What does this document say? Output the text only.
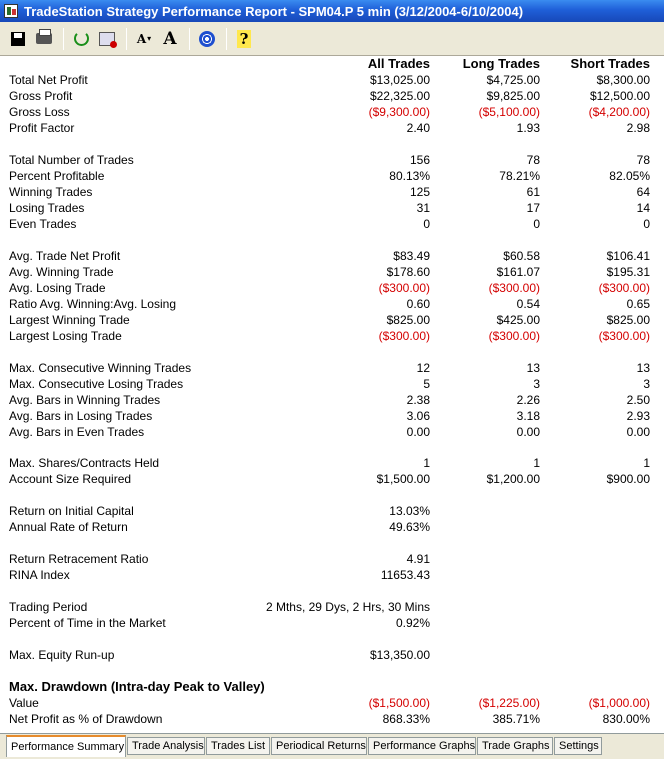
TradeStation Strategy Performance Report - SPM04.P 5 min (3/12/2004-6/10/2004)
A ▾ A	?
All Trades	Long Trades	Short Trades
Total Net Profit	$13,025.00	$4,725.00	$8,300.00
Gross Profit	$22,325.00	$9,825.00	$12,500.00
Gross Loss	($9,300.00)	($5,100.00)	($4,200.00)
Profit Factor	2.40	1.93	2.98
Total Number of Trades	156	78	78
Percent Profitable	80.13%	78.21%	82.05%
Winning Trades	125	61	64
Losing Trades	31	17	14
Even Trades	0	0	0
Avg. Trade Net Profit	$83.49	$60.58	$106.41
Avg. Winning Trade	$178.60	$161.07	$195.31
Avg. Losing Trade	($300.00)	($300.00)	($300.00)
Ratio Avg. Winning:Avg. Losing	0.60	0.54	0.65
Largest Winning Trade	$825.00	$425.00	$825.00
Largest Losing Trade	($300.00)	($300.00)	($300.00)
Max. Consecutive Winning Trades	12	13	13
Max. Consecutive Losing Trades	5	3	3
Avg. Bars in Winning Trades	2.38	2.26	2.50
Avg. Bars in Losing Trades	3.06	3.18	2.93
Avg. Bars in Even Trades	0.00	0.00	0.00
Max. Shares/Contracts Held	1	1	1
Account Size Required	$1,500.00	$1,200.00	$900.00
Return on Initial Capital	13.03%
Annual Rate of Return	49.63%
Return Retracement Ratio	4.91
RINA Index	11653.43
Trading Period	2 Mths, 29 Dys, 2 Hrs, 30 Mins
Percent of Time in the Market	0.92%
Max. Equity Run-up	$13,350.00
Max. Drawdown (Intra-day Peak to Valley)
Value	($1,500.00)	($1,225.00)	($1,000.00)
Net Profit as % of Drawdown	868.33%	385.71%	830.00%
Performance Summary Trade Analysis Trades List Periodical Returns Performance Graphs Trade Graphs Settings
